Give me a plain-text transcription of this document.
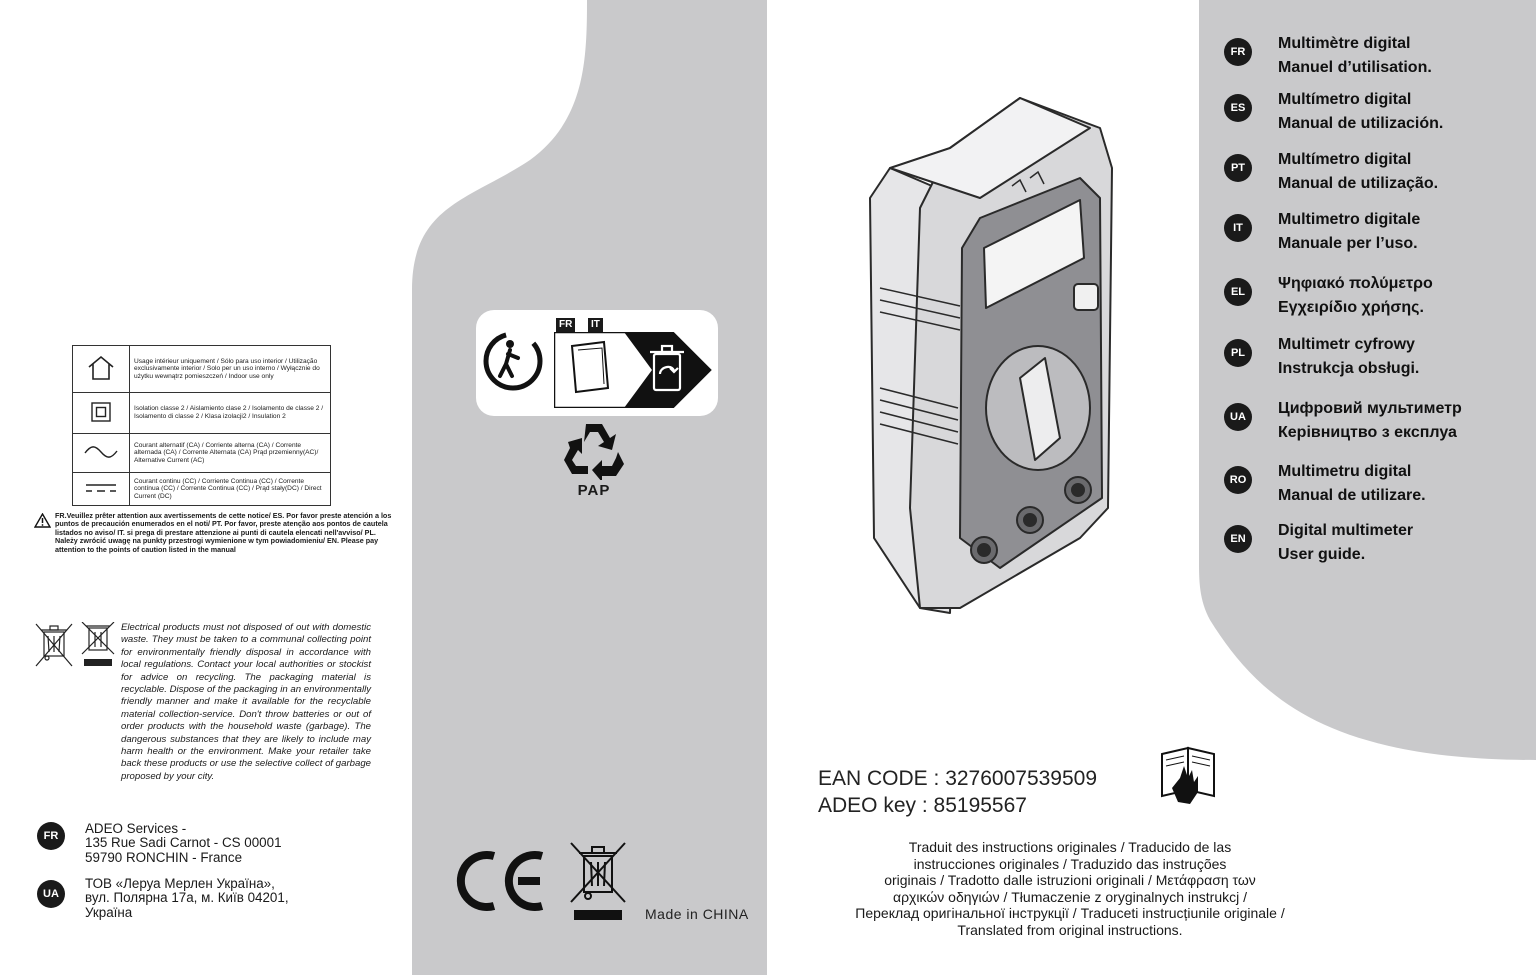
	Usage intérieur uniquement / Sólo para uso interior / Utilização exclusivamente interior / Solo per un uso interno / Wyłącznie do użytku wewnątrz pomieszczeń / Indoor use only
	Isolation classe 2 / Aislamiento clase 2 / Isolamento de classe 2 / Isolamento di classe 2 / Klasa izolacji2 / Insulation 2
	Courant alternatif (CA) / Corriente alterna (CA) / Corrente alternada (CA) / Corrente Alternata (CA) Prąd przemienny(AC)/ Alternative Current (AC)
	Courant continu (CC) / Corriente Continua (CC) / Corrente contínua (CC) / Corrente Continua (CC) / Prąd stały(DC) / Direct Current (DC)
FR.Veuillez prêter attention aux avertissements de cette notice/ ES. Por favor preste atención a los puntos de precaución enumerados en el noti/ PT. Por favor, preste atenção aos pontos de cautela listados no aviso/ IT. si prega di prestare attenzione ai punti di cautela elencati nell'avviso/ PL. Należy zwrócić uwagę na punkty przestrogi wymienione w tym powiadomieniu/ EN. Please pay attention to the points of caution listed in the manual
Electrical products must not disposed of out with domestic waste. They must be taken to a communal collecting point for environmentally friendly disposal in accordance with local regulations. Contact your local authorities or stockist for advice on recycling. The packaging material is recyclable. Dispose of the packaging in an environmentally friendly manner and make it available for the recyclable material collection-service. Don't throw batteries or out of order products with the household waste (garbage). The dangerous substances that they are likely to include may harm health or the environment. Make your retailer take back these products or use the selective collect of garbage proposed by your city.
FR	ADEO Services -
135 Rue Sadi Carnot - CS 00001
59790 RONCHIN - France
UA
ТОВ «Леруа Мерлен Україна»,
вул. Полярна 17а, м. Київ 04201,
Україна
FR	IT
PAP
Made in CHINA
FR	Multimètre digital
Manuel d’utilisation.
ES	Multímetro digital
Manual de utilización.
PT	Multímetro digital
Manual de utilização.
IT	Multimetro digitale
Manuale per l’uso.
EL	Ψηφιακό πολύμετρο
Εγχειρίδιο χρήσης.
PL	Multimetr cyfrowy
Instrukcja obsługi.
UA	Цифровий мультиметр
Керівництво з експлуа
RO	Multimetru digital
Manual de utilizare.
EN	Digital multimeter
User guide.
EAN CODE : 3276007539509
ADEO key : 85195567
Traduit des instructions originales / Traducido de las
instrucciones originales / Traduzido das instruções
originais / Tradotto dalle istruzioni originali / Μετάφραση των
αρχικών οδηγιών / Tłumaczenie z oryginalnych instrukcj /
Переклад оригінальної інструкції / Traduceti instrucțiunile originale /
Translated from original instructions.
